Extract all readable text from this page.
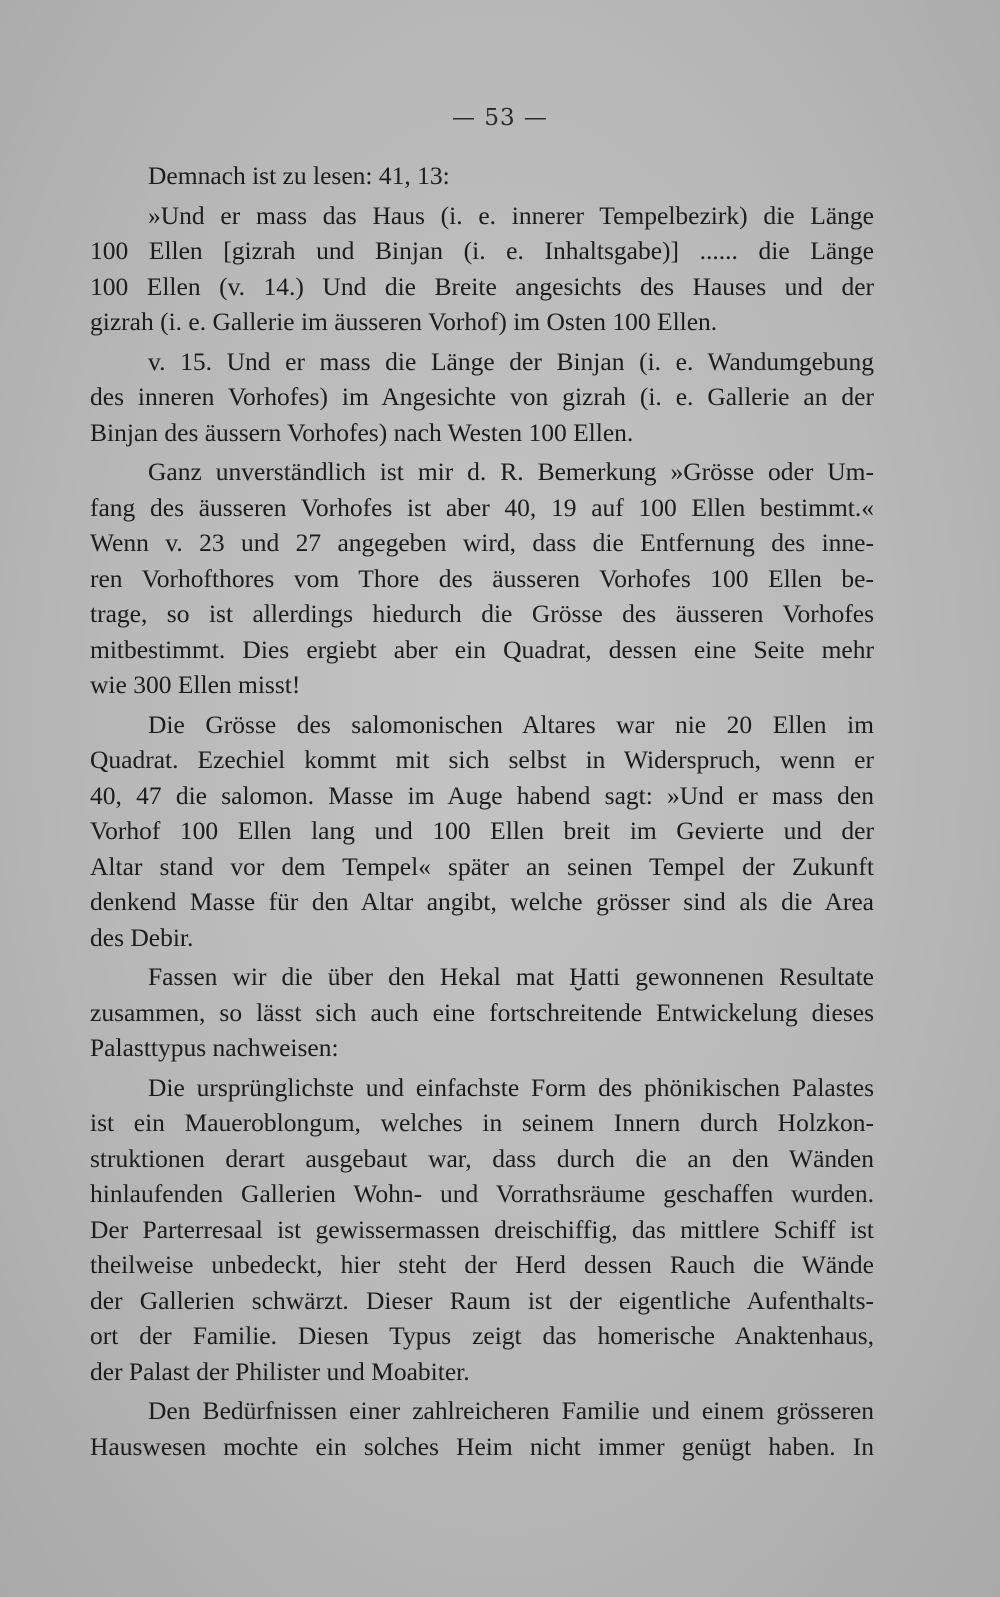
— 53 —
Demnach ist zu lesen: 41, 13:
»Und er mass das Haus (i. e. innerer Tempelbezirk) die Länge
100 Ellen [gizrah und Binjan (i. e. Inhaltsgabe)] ...... die Länge
100 Ellen (v. 14.) Und die Breite angesichts des Hauses und der
gizrah (i. e. Gallerie im äusseren Vorhof) im Osten 100 Ellen.
v. 15. Und er mass die Länge der Binjan (i. e. Wandumgebung
des inneren Vorhofes) im Angesichte von gizrah (i. e. Gallerie an der
Binjan des äussern Vorhofes) nach Westen 100 Ellen.
Ganz unverständlich ist mir d. R. Bemerkung »Grösse oder Um-
fang des äusseren Vorhofes ist aber 40, 19 auf 100 Ellen bestimmt.«
Wenn v. 23 und 27 angegeben wird, dass die Entfernung des inne-
ren Vorhofthores vom Thore des äusseren Vorhofes 100 Ellen be-
trage, so ist allerdings hiedurch die Grösse des äusseren Vorhofes
mitbestimmt. Dies ergiebt aber ein Quadrat, dessen eine Seite mehr
wie 300 Ellen misst!
Die Grösse des salomonischen Altares war nie 20 Ellen im
Quadrat. Ezechiel kommt mit sich selbst in Widerspruch, wenn er
40, 47 die salomon. Masse im Auge habend sagt: »Und er mass den
Vorhof 100 Ellen lang und 100 Ellen breit im Gevierte und der
Altar stand vor dem Tempel« später an seinen Tempel der Zukunft
denkend Masse für den Altar angibt, welche grösser sind als die Area
des Debir.
Fassen wir die über den Hekal mat Ḫatti gewonnenen Resultate
zusammen, so lässt sich auch eine fortschreitende Entwickelung dieses
Palasttypus nachweisen:
Die ursprünglichste und einfachste Form des phönikischen Palastes
ist ein Maueroblongum, welches in seinem Innern durch Holzkon-
struktionen derart ausgebaut war, dass durch die an den Wänden
hinlaufenden Gallerien Wohn- und Vorrathsräume geschaffen wurden.
Der Parterresaal ist gewissermassen dreischiffig, das mittlere Schiff ist
theilweise unbedeckt, hier steht der Herd dessen Rauch die Wände
der Gallerien schwärzt. Dieser Raum ist der eigentliche Aufenthalts-
ort der Familie. Diesen Typus zeigt das homerische Anaktenhaus,
der Palast der Philister und Moabiter.
Den Bedürfnissen einer zahlreicheren Familie und einem grösseren
Hauswesen mochte ein solches Heim nicht immer genügt haben. In
